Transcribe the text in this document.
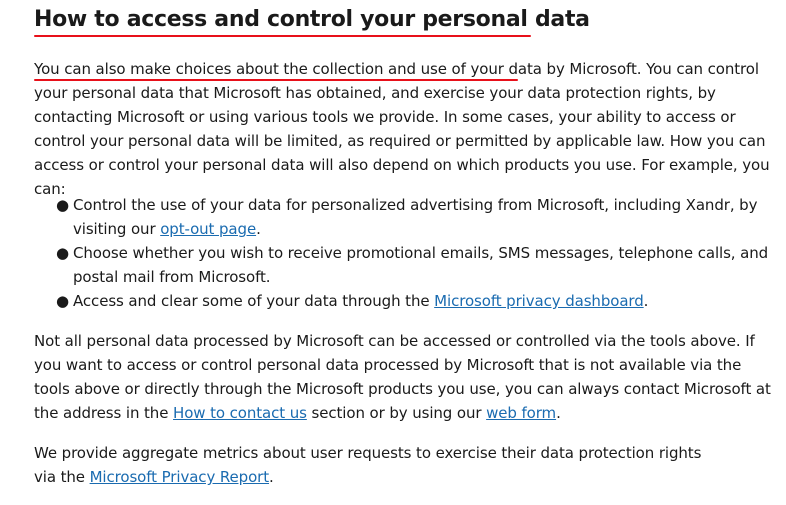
How to access and control your personal data

You can also make choices about the collection and use of your data by Microsoft. You can control your personal data that Microsoft has obtained, and exercise your data protection rights, by contacting Microsoft or using various tools we provide. In some cases, your ability to access or control your personal data will be limited, as required or permitted by applicable law. How you can access or control your personal data will also depend on which products you use. For example, you can:

● Control the use of your data for personalized advertising from Microsoft, including Xandr, by visiting our opt-out page.
● Choose whether you wish to receive promotional emails, SMS messages, telephone calls, and postal mail from Microsoft.
● Access and clear some of your data through the Microsoft privacy dashboard.

Not all personal data processed by Microsoft can be accessed or controlled via the tools above. If you want to access or control personal data processed by Microsoft that is not available via the tools above or directly through the Microsoft products you use, you can always contact Microsoft at the address in the How to contact us section or by using our web form.

We provide aggregate metrics about user requests to exercise their data protection rights via the Microsoft Privacy Report.
